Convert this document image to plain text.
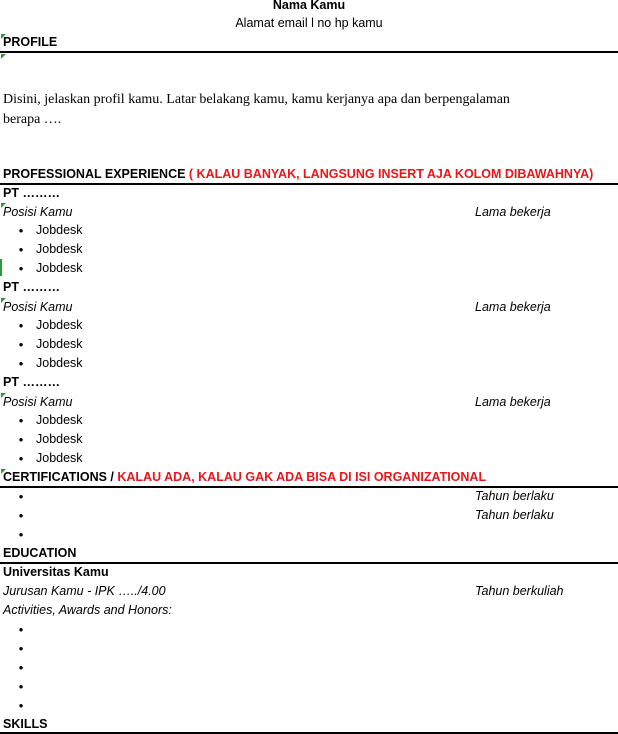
Nama Kamu
Alamat email l no hp kamu
PROFILE
Disini, jelaskan profil kamu. Latar belakang kamu, kamu kerjanya apa dan berpengalaman
berapa ….
PROFESSIONAL EXPERIENCE ( KALAU BANYAK, LANGSUNG INSERT AJA KOLOM DIBAWAHNYA)
PT ………
Posisi Kamu	Lama bekerja
• Jobdesk
• Jobdesk
• Jobdesk
PT ………
Posisi Kamu	Lama bekerja
• Jobdesk
• Jobdesk
• Jobdesk
PT ………
Posisi Kamu	Lama bekerja
• Jobdesk
• Jobdesk
• Jobdesk
CERTIFICATIONS / KALAU ADA, KALAU GAK ADA BISA DI ISI ORGANIZATIONAL
•	Tahun berlaku
•	Tahun berlaku
•
EDUCATION
Universitas Kamu
Jurusan Kamu - IPK …../4.00	Tahun berkuliah
Activities, Awards and Honors:
•
•
•
•
•
SKILLS
